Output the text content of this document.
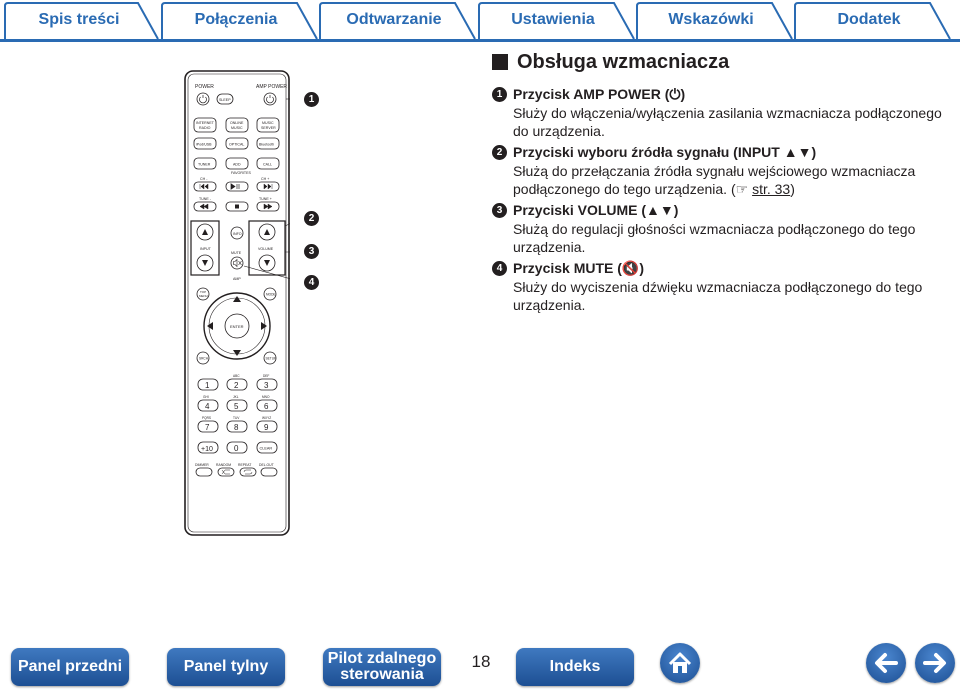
Spis treści	Połączenia	Odtwarzanie	Ustawienia	Wskazówki	Dodatek
Obsługa wzmacniacza
1 Przycisk AMP POWER (⏻)
Służy do włączenia/wyłączenia zasilania wzmacniacza podłączonego do urządzenia.
2 Przyciski wyboru źródła sygnału (INPUT ▲▼)
Służą do przełączania źródła sygnału wejściowego wzmacniacza podłączonego do tego urządzenia. (☞ str. 33)
3 Przyciski VOLUME (▲▼)
Służą do regulacji głośności wzmacniacza podłączonego do tego urządzenia.
4 Przycisk MUTE (🔇)
Służy do wyciszenia dźwięku wzmacniacza podłączonego do tego urządzenia.
POWER	AMP POWER
SLEEP
INTERNET
RADIO
ONLINE
MUSIC
MUSIC
SERVER
iPod/USB	OPTICAL	Bluetooth
TUNER	ADD	CALL
FAVORITES
CH -	CH +
TUNE -	TUNE +
INPUT
INFO
MUTE
AMP
VOLUME
TOP
MENU	MODE
ENTER
SRCH	SETUP
ABC	DEF
1	2	3
GHI	JKL	MNO
4	5	6
PQRS	TUV	WXYZ
7	8	9
+10	0	CLEAR
DIMMER RANDOM REPEAT DEL.OUT
1
2
3
4
Panel przedni	Panel tylny	Pilot zdalnego
sterowania
18	Indeks
